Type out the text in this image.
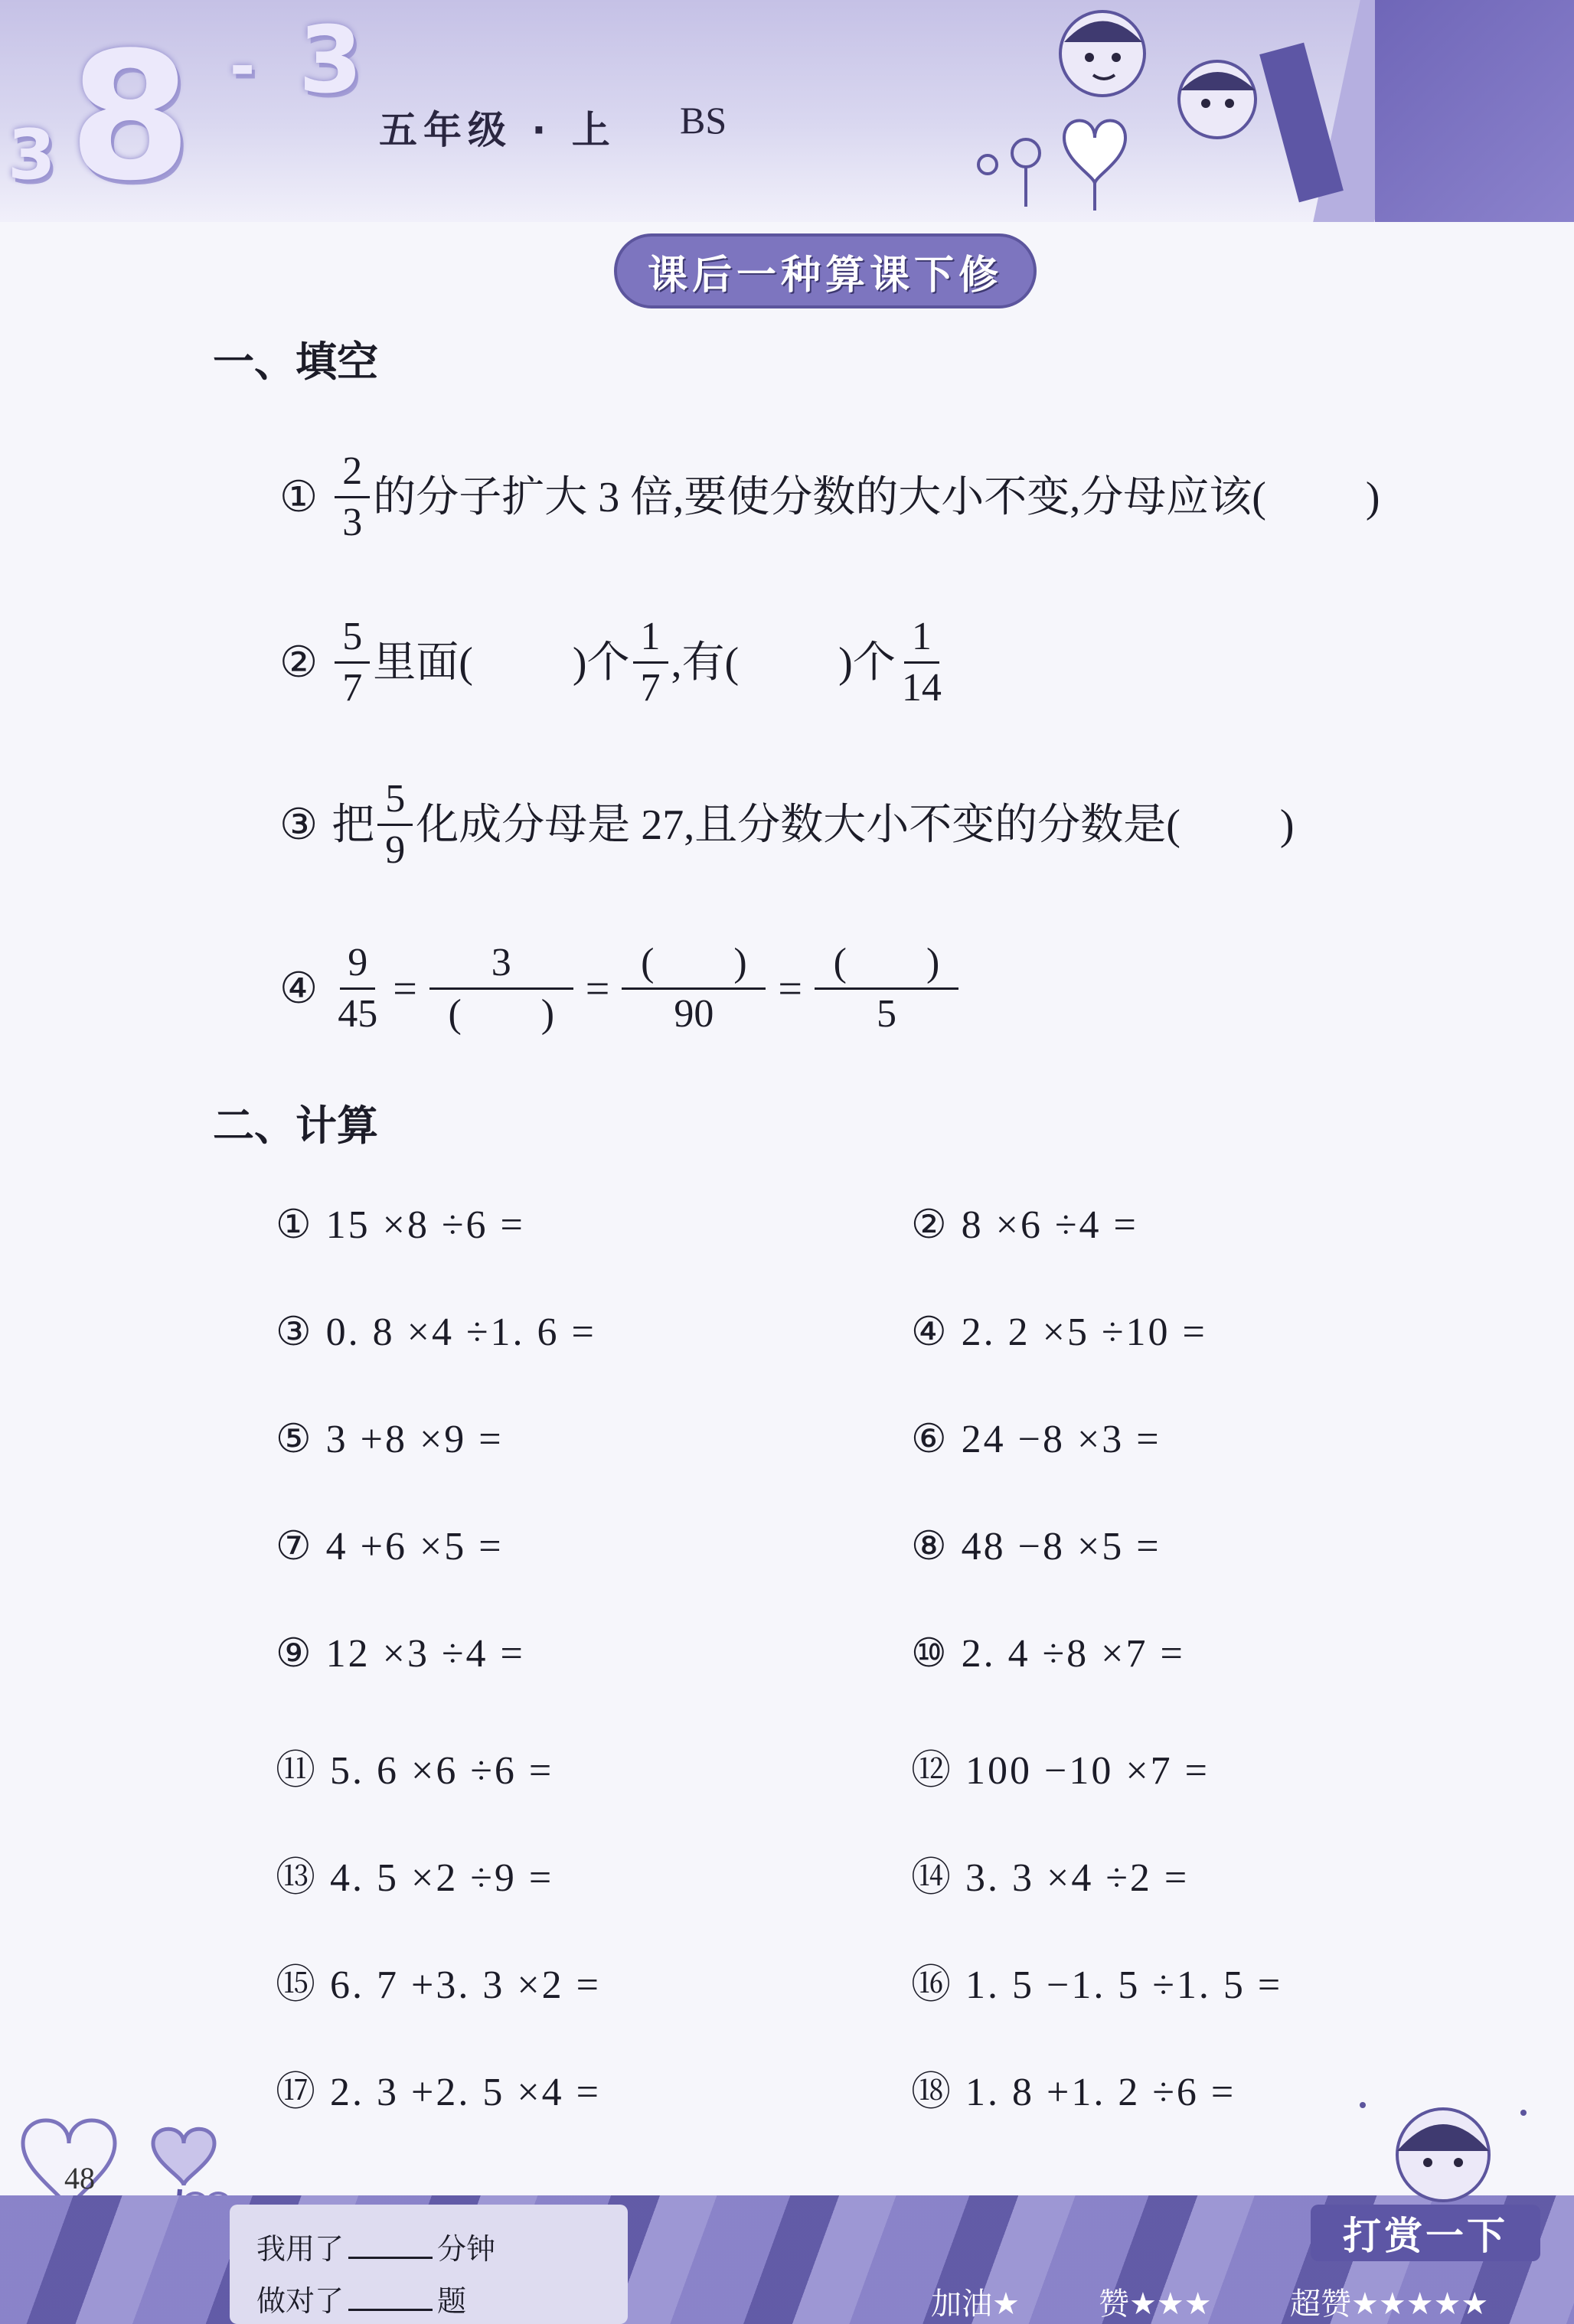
3 8 - 3
五年级 · 上 BS
课后一种算课下修
一、填空
① $\frac{2}{3}$ 的分子扩大 3 倍,要使分数的大小不变,分母应该( )
② $\frac{5}{7}$ 里面( )个 $\frac{1}{7}$ ,有( )个 $\frac{1}{14}$
③ 把 $\frac{5}{9}$ 化成分母是 27,且分数大小不变的分数是( )
④ $\frac{9}{45} = \frac{3}{( )} = \frac{( )}{90} = \frac{( )}{5}$
二、计算
① 15 ×8 ÷6 =	② 8 ×6 ÷4 =
③ 0. 8 ×4 ÷1. 6 =	④ 2. 2 ×5 ÷10 =
⑤ 3 +8 ×9 =	⑥ 24 −8 ×3 =
⑦ 4 +6 ×5 =	⑧ 48 −8 ×5 =
⑨ 12 ×3 ÷4 =	⑩ 2. 4 ÷8 ×7 =
⑪ 5. 6 ×6 ÷6 =	⑫ 100 −10 ×7 =
⑬ 4. 5 ×2 ÷9 =	⑭ 3. 3 ×4 ÷2 =
⑮ 6. 7 +3. 3 ×2 =	⑯ 1. 5 −1. 5 ÷1. 5 =
⑰ 2. 3 +2. 5 ×4 =	⑱ 1. 8 +1. 2 ÷6 =
48
我用了	分钟
做对了	题	加油★	赞★★★	超赞★★★★★
打赏一下
